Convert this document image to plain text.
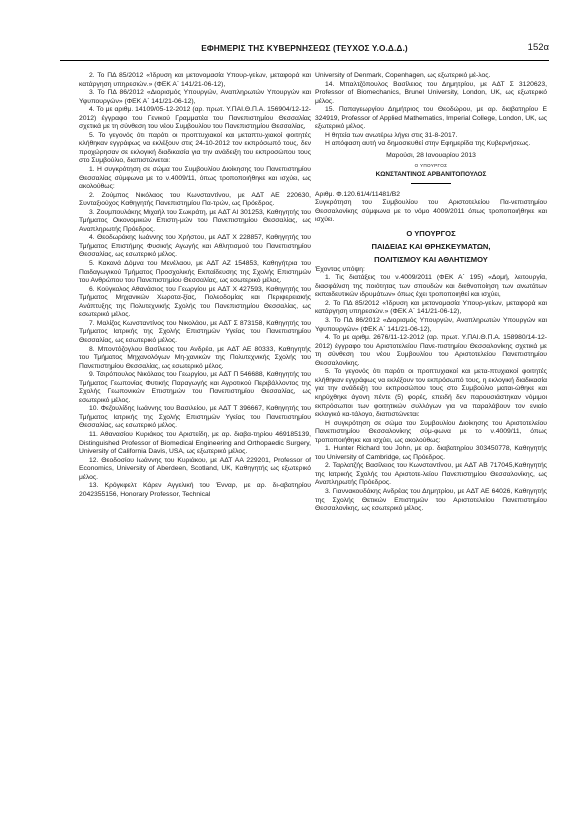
ΕΦΗΜΕΡΙΣ ΤΗΣ ΚΥΒΕΡΝΗΣΕΩΣ (ΤΕΥΧΟΣ Υ.Ο.Δ.Δ.)	152α

2. Το ΠΔ 85/2012 «Ίδρυση και μετονομασία Υπουρ-γείων, μεταφορά και κατάργηση υπηρεσιών.» (ΦΕΚ Α΄ 141/21-06-12),

3. Το ΠΔ 86/2012 «Διορισμός Υπουργών, Αναπληρωτών Υπουργών και Υφυπουργών» (ΦΕΚ Α΄ 141/21-06-12),

4. Το με αριθμ. 14109/05-12-2012 (αρ. πρωτ. Υ.ΠΑΙ.Θ.Π.Α. 156904/12-12-2012) έγγραφο του Γενικού Γραμματέα του Πανεπιστημίου Θεσσαλίας σχετικά με τη σύνθεση του νέου Συμβουλίου του Πανεπιστημίου Θεσσαλίας,

5. Το γεγονός ότι παρότι οι προπτυχιακοί και μεταπτυ-χιακοί φοιτητές κλήθηκαν εγγράφως να εκλέξουν στις 24-10-2012 τον εκπρόσωπό τους, δεν προχώρησαν σε εκλογική διαδικασία για την ανάδειξη του εκπροσώπου τους στο Συμβούλιο, διαπιστώνεται:

1. Η συγκρότηση σε σώμα του Συμβουλίου Διοίκησης του Πανεπιστημίου Θεσσαλίας σύμφωνα με το ν.4009/11, όπως τροποποιήθηκε και ισχύει, ως ακολούθως:

2. Ζούμπος Νικόλαος του Κωνσταντίνου, με ΑΔΤ ΑΕ 220630, Συνταξιούχος Καθηγητής Πανεπιστημίου Πα-τρών, ως Πρόεδρος.

3. Ζουμπουλάκης Μιχαήλ του Σωκράτη, με ΑΔΤ ΑΙ 301253, Καθηγητής του Τμήματος Οικονομικών Επιστη-μών του Πανεπιστημίου Θεσσαλίας, ως Αναπληρωτής Πρόεδρος.

4. Θεοδωράκης Ιωάννης του Χρήστου, με ΑΔΤ Χ 228857, Καθηγητής του Τμήματος Επιστήμης Φυσικής Αγωγής και Αθλητισμού του Πανεπιστημίου Θεσσαλίας, ως εσωτερικό μέλος.

5. Κακανά Δόμνα του Μενέλαου, με ΑΔΤ ΑΖ 154853, Καθηγήτρια του Παιδαγωγικού Τμήματος Προσχολικής Εκπαίδευσης της Σχολής Επιστημών του Ανθρώπου του Πανεπιστημίου Θεσσαλίας, ως εσωτερικό μέλος.

6. Κούγκολος Αθανάσιος του Γεωργίου με ΑΔΤ Χ 427593, Καθηγητής του Τμήματος Μηχανικών Χωροτα-ξίας, Πολεοδομίας και Περιφερειακής Ανάπτυξης της Πολυτεχνικής Σχολής του Πανεπιστημίου Θεσσαλίας, ως εσωτερικό μέλος.

7. Μαλίζος Κωνσταντίνος του Νικολάου, με ΑΔΤ Σ 873158, Καθηγητής του Τμήματος Ιατρικής της Σχολής Επιστημών Υγείας του Πανεπιστημίου Θεσσαλίας, ως εσωτερικό μέλος.

8. Μποντόζογλου Βασίλειος του Ανδρέα, με ΑΔΤ ΑΕ 80333, Καθηγητής του Τμήματος Μηχανολόγων Μη-χανικών της Πολυτεχνικής Σχολής του Πανεπιστημίου Θεσσαλίας, ως εσωτερικό μέλος.

9. Τσιρόπουλος Νικόλαος του Γεωργίου, με ΑΔΤ Π 546688, Καθηγητής του Τμήματος Γεωπονίας Φυτικής Παραγωγής και Αγροτικού Περιβάλλοντος της Σχολής Γεωπονικών Επιστημών του Πανεπιστημίου Θεσσαλίας, ως εσωτερικό μέλος.

10. Φεζουλίδης Ιωάννης του Βασιλείου, με ΑΔΤ Τ 396667, Καθηγητής του Τμήματος Ιατρικής της Σχολής Επιστημών Υγείας του Πανεπιστημίου Θεσσαλίας, ως εσωτερικό μέλος.

11. Αθανασίου Κυριάκος του Αριστείδη, με αρ. διαβα-τηρίου 469185139, Distinguished Professor of Biomedical Engineering and Orthopaedic Surgery, University of California Davis, USA, ως εξωτερικό μέλος.

12. Θεοδοσίου Ιωάννης του Κυριάκου, με ΑΔΤ ΑΑ 229201, Professor of Economics, University of Aberdeen, Scotland, UK, Καθηγητής ως εξωτερικό μέλος.

13. Κρόγκφελτ Κάρεν Αγγελική του Ένναρ, με αρ. δι-αβατηρίου 2042355156, Honorary Professor, Technical

University of Denmark, Copenhagen, ως εξωτερικό μέ-λος.

14. Μπαλτζόπουλος Βασίλειος του Δημητρίου, με ΑΔΤ Σ 3120623, Professor of Biomechanics, Brunel University, London, UK, ως εξωτερικό μέλος.

15. Παπαγεωργίου Δημήτριος του Θεοδώρου, με αρ. διαβατηρίου Ε 324919, Professor of Applied Mathematics, Imperial College, London, UK, ως εξωτερικό μέλος.

Η θητεία των ανωτέρω λήγει στις 31-8-2017.

Η απόφαση αυτή να δημοσιευθεί στην Εφημερίδα της Κυβερνήσεως.

Μαρούσι, 28 Ιανουαρίου 2013

Ο ΥΠΟΥΡΓΟΣ

ΚΩΝΣΤΑΝΤΙΝΟΣ ΑΡΒΑΝΙΤΟΠΟΥΛΟΣ

Αριθμ. Φ.120.61/4/11481/Β2

Συγκρότηση του Συμβουλίου του Αριστοτελείου Πα-νεπιστημίου Θεσσαλονίκης σύμφωνα με το νόμο 4009/2011 όπως τροποποιήθηκε και ισχύει.

Ο ΥΠΟΥΡΓΟΣ

ΠΑΙΔΕΙΑΣ ΚΑΙ ΘΡΗΣΚΕΥΜΑΤΩΝ,

ΠΟΛΙΤΙΣΜΟΥ ΚΑΙ ΑΘΛΗΤΙΣΜΟΥ

Έχοντας υπόψη:

1. Τις διατάξεις του ν.4009/2011 (ΦΕΚ Α΄ 195) «Δομή, λειτουργία, διασφάλιση της ποιότητας των σπουδών και διεθνοποίηση των ανωτάτων εκπαιδευτικών ιδρυμάτων» όπως έχει τροποποιηθεί και ισχύει,

2. Το ΠΔ 85/2012 «Ίδρυση και μετονομασία Υπουρ-γείων, μεταφορά και κατάργηση υπηρεσιών.» (ΦΕΚ Α΄ 141/21-06-12),

3. Το ΠΔ 86/2012 «Διορισμός Υπουργών, Αναπληρωτών Υπουργών και Υφυπουργών» (ΦΕΚ Α΄ 141/21-06-12),

4. Το με αριθμ. 2676/11-12-2012 (αρ. πρωτ. Υ.ΠΑΙ.Θ.Π.Α. 158980/14-12-2012) έγγραφο του Αριστοτελείου Πανε-πιστημίου Θεσσαλονίκης σχετικά με τη σύνθεση του νέου Συμβουλίου του Αριστοτελείου Πανεπιστημίου Θεσσαλονίκης.

5. Το γεγονός ότι παρότι οι προπτυχιακοί και μετα-πτυχιακοί φοιτητές κλήθηκαν εγγράφως να εκλέξουν τον εκπρόσωπό τους, η εκλογική διαδικασία για την ανάδειξη του εκπροσώπου τους στο Συμβούλιο μαται-ώθηκε και κηρύχθηκε άγονη πέντε (5) φορές, επειδή δεν παρουσιάστηκαν νόμιμοι εκπρόσωποι των φοιτητικών συλλόγων για να παραλάβουν τον ενιαίο εκλογικό κα-τάλογο, διαπιστώνεται:

Η συγκρότηση σε σώμα του Συμβουλίου Διοίκησης του Αριστοτελείου Πανεπιστημίου Θεσσαλονίκης σύμ-φωνα με το ν.4009/11, όπως τροποποιήθηκε και ισχύει, ως ακολούθως:

1. Hunter Richard του John, με αρ. διαβατηρίου 303450778, Καθηγητής του University of Cambridge, ως Πρόεδρος.

2. Ταρλατζής Βασίλειος του Κωνσταντίνου, με ΑΔΤ ΑΒ 717045,Καθηγητής της Ιατρικής Σχολής του Αριστοτε-λείου Πανεπιστημίου Θεσσαλονίκης, ως Αναπληρωτής Πρόεδρος.

3. Γιαννακουδάκης Ανδρέας του Δημητρίου, με ΑΔΤ ΑΕ 64026, Καθηγητής της Σχολής Θετικών Επιστημών του Αριστοτελείου Πανεπιστημίου Θεσσαλονίκης, ως εσωτερικό μέλος.
